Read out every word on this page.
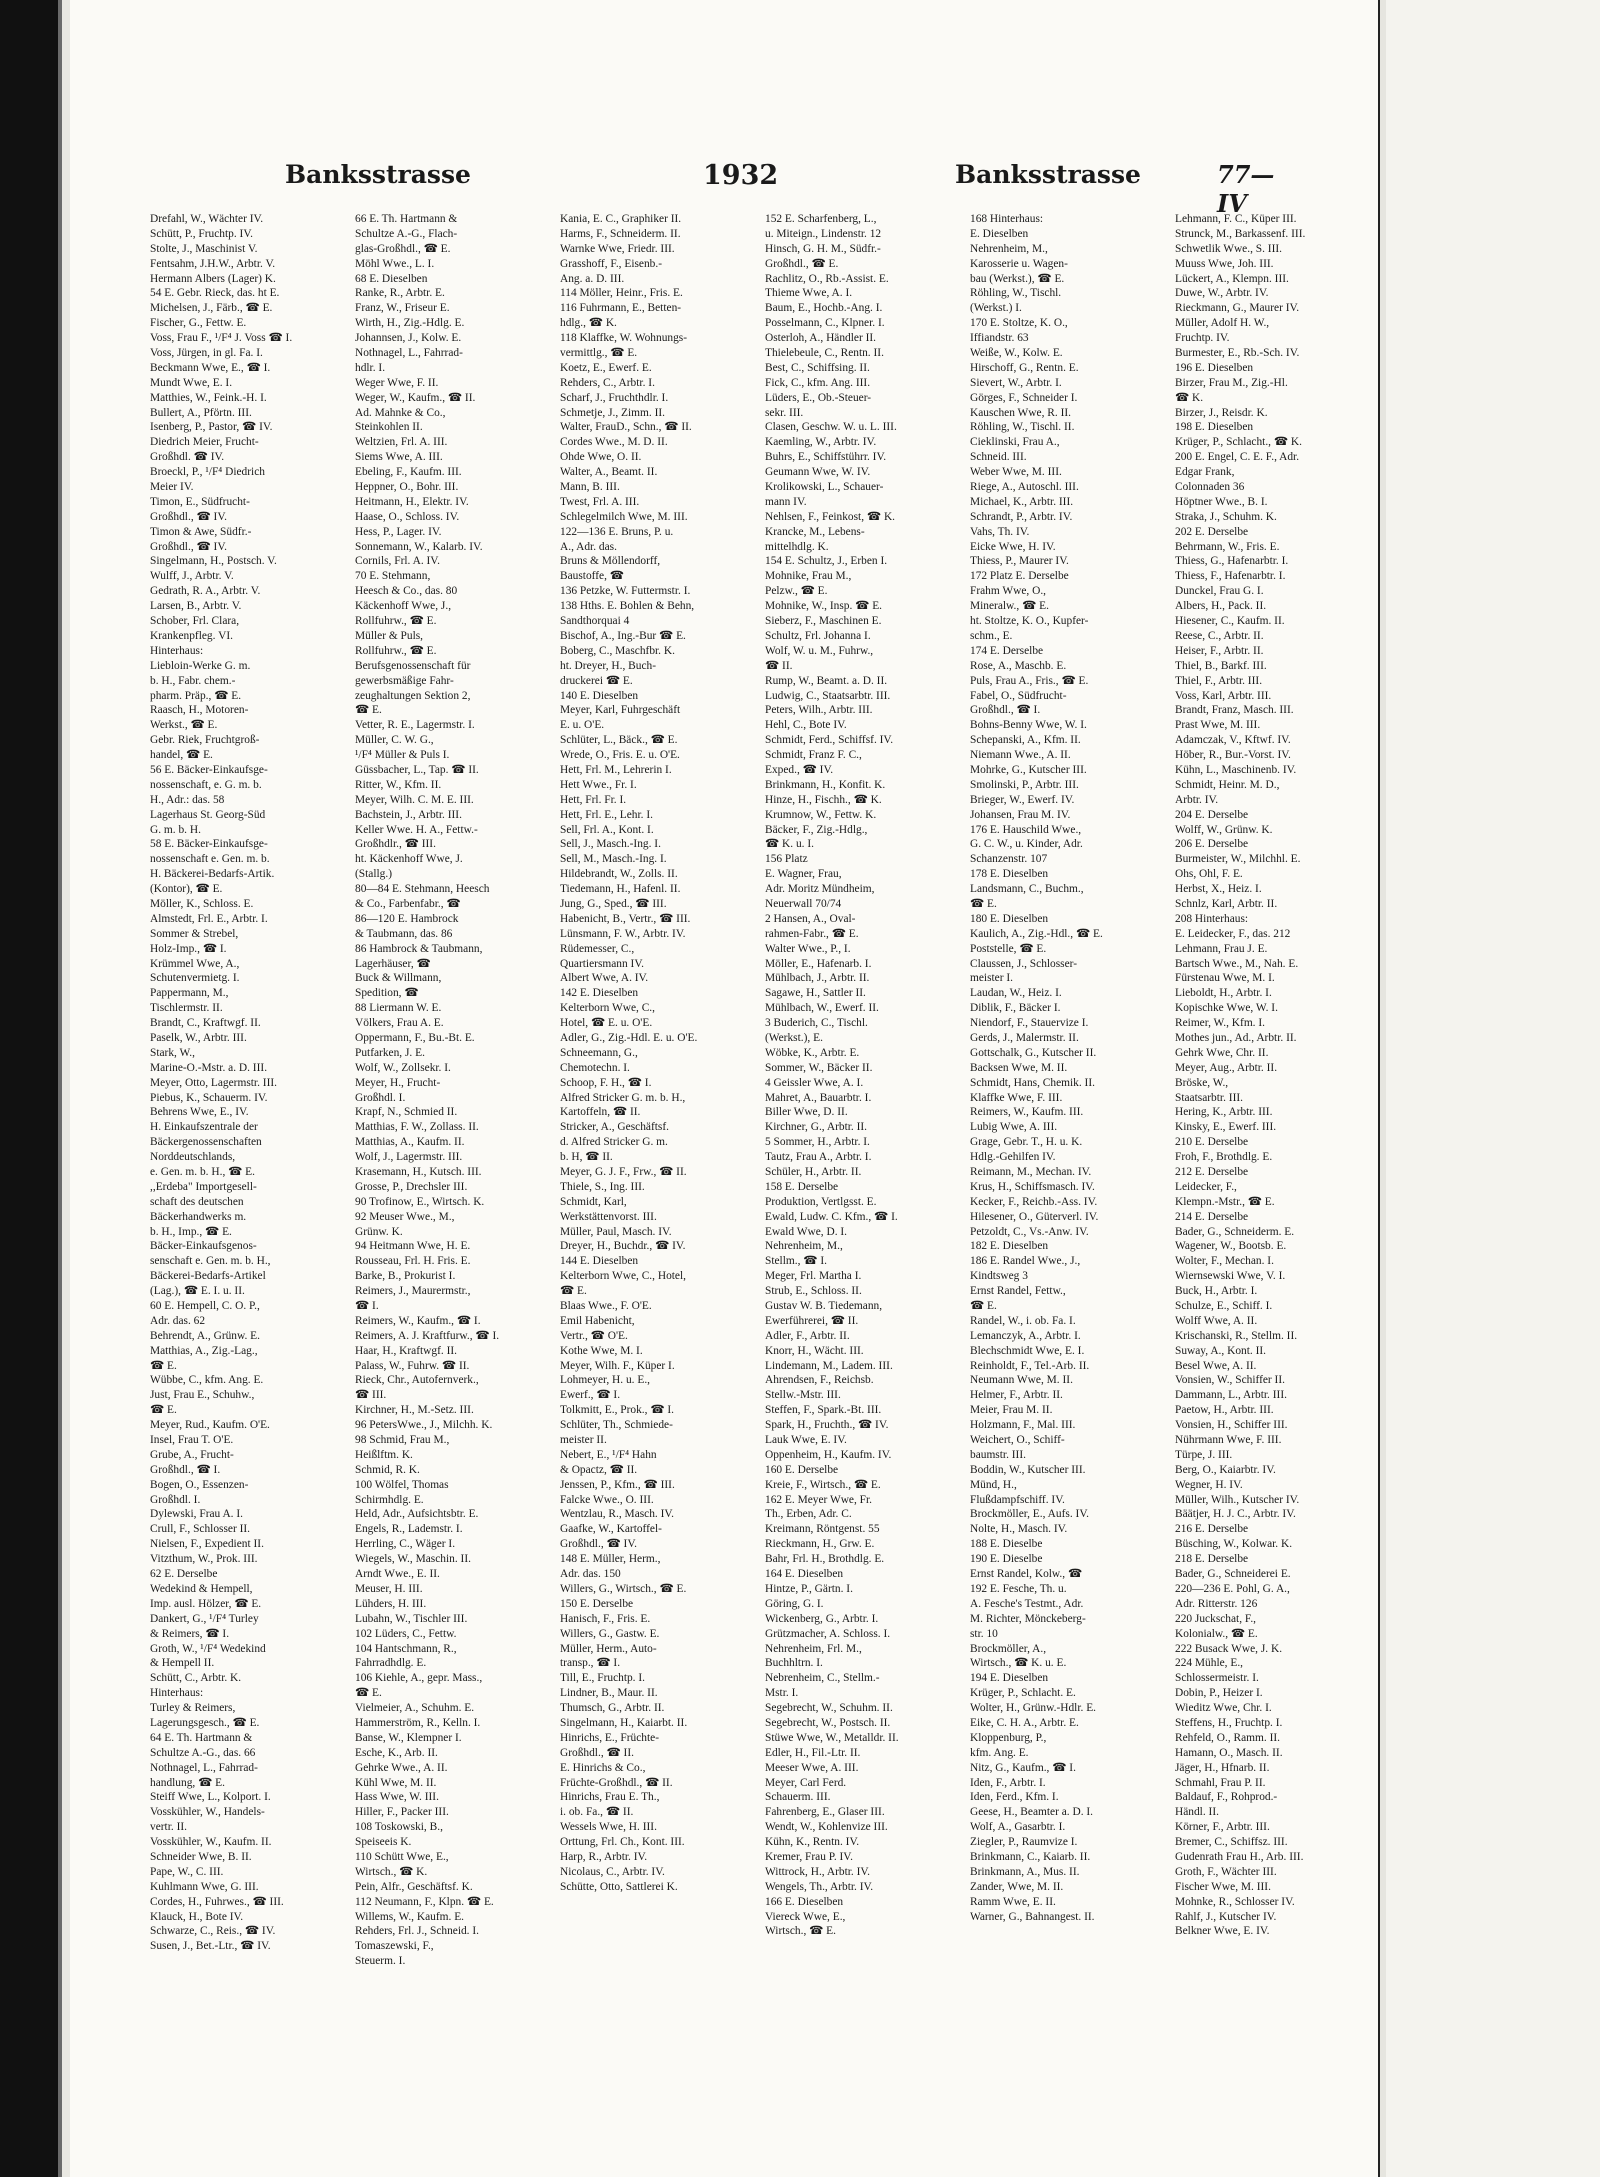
Banksstrasse	1932	Banksstrasse	77—IV
Drefahl, W., Wächter IV.
Schütt, P., Fruchtp. IV.
Stolte, J., Maschinist V.
Fentsahm, J.H.W., Arbtr. V.
Hermann Albers (Lager) K.
54 E. Gebr. Rieck, das. ht E.
Michelsen, J., Färb., ☎ E.
Fischer, G., Fettw. E.
Voss, Frau F., ¹/F⁴ J. Voss ☎ I.
Voss, Jürgen, in gl. Fa. I.
Beckmann Wwe, E., ☎ I.
Mundt Wwe, E. I.
Matthies, W., Feink.-H. I.
Bullert, A., Pförtn. III.
Isenberg, P., Pastor, ☎ IV.
Diedrich Meier, Frucht-
Großhdl. ☎ IV.
Broeckl, P., ¹/F⁴ Diedrich
Meier IV.
Timon, E., Südfrucht-
Großhdl., ☎ IV.
Timon & Awe, Südfr.-
Großhdl., ☎ IV.
Singelmann, H., Postsch. V.
Wulff, J., Arbtr. V.
Gedrath, R. A., Arbtr. V.
Larsen, B., Arbtr. V.
Schober, Frl. Clara,
Krankenpfleg. VI.
Hinterhaus:
Liebloin-Werke G. m.
b. H., Fabr. chem.-
pharm. Präp., ☎ E.
Raasch, H., Motoren-
Werkst., ☎ E.
Gebr. Riek, Fruchtgroß-
handel, ☎ E.
56 E. Bäcker-Einkaufsge-
nossenschaft, e. G. m. b.
H., Adr.: das. 58
Lagerhaus St. Georg-Süd
G. m. b. H.
58 E. Bäcker-Einkaufsge-
nossenschaft e. Gen. m. b.
H. Bäckerei-Bedarfs-Artik.
(Kontor), ☎ E.
Möller, K., Schloss. E.
Almstedt, Frl. E., Arbtr. I.
Sommer & Strebel,
Holz-Imp., ☎ I.
Krümmel Wwe, A.,
Schutenvermietg. I.
Pappermann, M.,
Tischlermstr. II.
Brandt, C., Kraftwgf. II.
Paselk, W., Arbtr. III.
Stark, W.,
Marine-O.-Mstr. a. D. III.
Meyer, Otto, Lagermstr. III.
Piebus, K., Schauerm. IV.
Behrens Wwe, E., IV.
H. Einkaufszentrale der
Bäckergenossenschaften
Norddeutschlands,
e. Gen. m. b. H., ☎ E.
,,Erdeba" Importgesell-
schaft des deutschen
Bäckerhandwerks m.
b. H., Imp., ☎ E.
Bäcker-Einkaufsgenos-
senschaft e. Gen. m. b. H.,
Bäckerei-Bedarfs-Artikel
(Lag.), ☎ E. I. u. II.
60 E. Hempell, C. O. P.,
Adr. das. 62
Behrendt, A., Grünw. E.
Matthias, A., Zig.-Lag.,
☎ E.
Wübbe, C., kfm. Ang. E.
Just, Frau E., Schuhw.,
☎ E.
Meyer, Rud., Kaufm. O'E.
Insel, Frau T. O'E.
Grube, A., Frucht-
Großhdl., ☎ I.
Bogen, O., Essenzen-
Großhdl. I.
Dylewski, Frau A. I.
Crull, F., Schlosser II.
Nielsen, F., Expedient II.
Vitzthum, W., Prok. III.
62 E. Derselbe
Wedekind & Hempell,
Imp. ausl. Hölzer, ☎ E.
Dankert, G., ¹/F⁴ Turley
& Reimers, ☎ I.
Groth, W., ¹/F⁴ Wedekind
& Hempell II.
Schütt, C., Arbtr. K.
Hinterhaus:
Turley & Reimers,
Lagerungsgesch., ☎ E.
64 E. Th. Hartmann &
Schultze A.-G., das. 66
Nothnagel, L., Fahrrad-
handlung, ☎ E.
Steiff Wwe, L., Kolport. I.
Vosskühler, W., Handels-
vertr. II.
Vosskühler, W., Kaufm. II.
Schneider Wwe, B. II.
Pape, W., C. III.
Kuhlmann Wwe, G. III.
Cordes, H., Fuhrwes., ☎ III.
Klauck, H., Bote IV.
Schwarze, C., Reis., ☎ IV.
Susen, J., Bet.-Ltr., ☎ IV.
66 E. Th. Hartmann &
Schultze A.-G., Flach-
glas-Großhdl., ☎ E.
Möhl Wwe., L. I.
68 E. Dieselben
Ranke, R., Arbtr. E.
Franz, W., Friseur E.
Wirth, H., Zig.-Hdlg. E.
Johannsen, J., Kolw. E.
Nothnagel, L., Fahrrad-
hdlr. I.
Weger Wwe, F. II.
Weger, W., Kaufm., ☎ II.
Ad. Mahnke & Co.,
Steinkohlen II.
Weltzien, Frl. A. III.
Siems Wwe, A. III.
Ebeling, F., Kaufm. III.
Heppner, O., Bohr. III.
Heitmann, H., Elektr. IV.
Haase, O., Schloss. IV.
Hess, P., Lager. IV.
Sonnemann, W., Kalarb. IV.
Cornils, Frl. A. IV.
70 E. Stehmann,
Heesch & Co., das. 80
Käckenhoff Wwe, J.,
Rollfuhrw., ☎ E.
Müller & Puls,
Rollfuhrw., ☎ E.
Berufsgenossenschaft für
gewerbsmäßige Fahr-
zeughaltungen Sektion 2,
☎ E.
Vetter, R. E., Lagermstr. I.
Müller, C. W. G.,
¹/F⁴ Müller & Puls I.
Güssbacher, L., Tap. ☎ II.
Ritter, W., Kfm. II.
Meyer, Wilh. C. M. E. III.
Bachstein, J., Arbtr. III.
Keller Wwe. H. A., Fettw.-
Großhdlr., ☎ III.
ht. Käckenhoff Wwe, J.
(Stallg.)
80—84 E. Stehmann, Heesch
& Co., Farbenfabr., ☎
86—120 E. Hambrock
& Taubmann, das. 86
86 Hambrock & Taubmann,
Lagerhäuser, ☎
Buck & Willmann,
Spedition, ☎
88 Liermann W. E.
Völkers, Frau A. E.
Oppermann, F., Bu.-Bt. E.
Putfarken, J. E.
Wolf, W., Zollsekr. I.
Meyer, H., Frucht-
Großhdl. I.
Krapf, N., Schmied II.
Matthias, F. W., Zollass. II.
Matthias, A., Kaufm. II.
Wolf, J., Lagermstr. III.
Krasemann, H., Kutsch. III.
Grosse, P., Drechsler III.
90 Trofinow, E., Wirtsch. K.
92 Meuser Wwe., M.,
Grünw. K.
94 Heitmann Wwe, H. E.
Rousseau, Frl. H. Fris. E.
Barke, B., Prokurist I.
Reimers, J., Maurermstr.,
☎ I.
Reimers, W., Kaufm., ☎ I.
Reimers, A. J. Kraftfurw., ☎ I.
Haar, H., Kraftwgf. II.
Palass, W., Fuhrw. ☎ II.
Rieck, Chr., Autofernverk.,
☎ III.
Kirchner, H., M.-Setz. III.
96 PetersWwe., J., Milchh. K.
98 Schmid, Frau M.,
Heißlftm. K.
Schmid, R. K.
100 Wölfel, Thomas
Schirmhdlg. E.
Held, Adr., Aufsichtsbtr. E.
Engels, R., Lademstr. I.
Herrling, C., Wäger I.
Wiegels, W., Maschin. II.
Arndt Wwe., E. II.
Meuser, H. III.
Lühders, H. III.
Lubahn, W., Tischler III.
102 Lüders, C., Fettw.
104 Hantschmann, R.,
Fahrradhdlg. E.
106 Kiehle, A., gepr. Mass.,
☎ E.
Vielmeier, A., Schuhm. E.
Hammerström, R., Kelln. I.
Banse, W., Klempner I.
Esche, K., Arb. II.
Gehrke Wwe., A. II.
Kühl Wwe, M. II.
Hass Wwe, W. III.
Hiller, F., Packer III.
108 Toskowski, B.,
Speiseeis K.
110 Schütt Wwe, E.,
Wirtsch., ☎ K.
Pein, Alfr., Geschäftsf. K.
112 Neumann, F., Klpn. ☎ E.
Willems, W., Kaufm. E.
Rehders, Frl. J., Schneid. I.
Tomaszewski, F.,
Steuerm. I.
Kania, E. C., Graphiker II.
Harms, F., Schneiderm. II.
Warnke Wwe, Friedr. III.
Grasshoff, F., Eisenb.-
Ang. a. D. III.
114 Möller, Heinr., Fris. E.
116 Fuhrmann, E., Betten-
hdlg., ☎ K.
118 Klaffke, W. Wohnungs-
vermittlg., ☎ E.
Koetz, E., Ewerf. E.
Rehders, C., Arbtr. I.
Scharf, J., Fruchthdlr. I.
Schmetje, J., Zimm. II.
Walter, FrauD., Schn., ☎ II.
Cordes Wwe., M. D. II.
Ohde Wwe, O. II.
Walter, A., Beamt. II.
Mann, B. III.
Twest, Frl. A. III.
Schlegelmilch Wwe, M. III.
122—136 E. Bruns, P. u.
A., Adr. das.
Bruns & Möllendorff,
Baustoffe, ☎
136 Petzke, W. Futtermstr. I.
138 Hths. E. Bohlen & Behn,
Sandthorquai 4
Bischof, A., Ing.-Bur ☎ E.
Boberg, C., Maschfbr. K.
ht. Dreyer, H., Buch-
druckerei ☎ E.
140 E. Dieselben
Meyer, Karl, Fuhrgeschäft
E. u. O'E.
Schlüter, L., Bäck., ☎ E.
Wrede, O., Fris. E. u. O'E.
Hett, Frl. M., Lehrerin I.
Hett Wwe., Fr. I.
Hett, Frl. Fr. I.
Hett, Frl. E., Lehr. I.
Sell, Frl. A., Kont. I.
Sell, J., Masch.-Ing. I.
Sell, M., Masch.-Ing. I.
Hildebrandt, W., Zolls. II.
Tiedemann, H., Hafenl. II.
Jung, G., Sped., ☎ III.
Habenicht, B., Vertr., ☎ III.
Lünsmann, F. W., Arbtr. IV.
Rüdemesser, C.,
Quartiersmann IV.
Albert Wwe, A. IV.
142 E. Dieselben
Kelterborn Wwe, C.,
Hotel, ☎ E. u. O'E.
Adler, G., Zig.-Hdl. E. u. O'E.
Schneemann, G.,
Chemotechn. I.
Schoop, F. H., ☎ I.
Alfred Stricker G. m. b. H.,
Kartoffeln, ☎ II.
Stricker, A., Geschäftsf.
d. Alfred Stricker G. m.
b. H, ☎ II.
Meyer, G. J. F., Frw., ☎ II.
Thiele, S., Ing. III.
Schmidt, Karl,
Werkstättenvorst. III.
Müller, Paul, Masch. IV.
Dreyer, H., Buchdr., ☎ IV.
144 E. Dieselben
Kelterborn Wwe, C., Hotel,
☎ E.
Blaas Wwe., F. O'E.
Emil Habenicht,
Vertr., ☎ O'E.
Kothe Wwe, M. I.
Meyer, Wilh. F., Küper I.
Lohmeyer, H. u. E.,
Ewerf., ☎ I.
Tolkmitt, E., Prok., ☎ I.
Schlüter, Th., Schmiede-
meister II.
Nebert, E., ¹/F⁴ Hahn
& Opactz, ☎ II.
Jenssen, P., Kfm., ☎ III.
Falcke Wwe., O. III.
Wentzlau, R., Masch. IV.
Gaafke, W., Kartoffel-
Großhdl., ☎ IV.
148 E. Müller, Herm.,
Adr. das. 150
Willers, G., Wirtsch., ☎ E.
150 E. Derselbe
Hanisch, F., Fris. E.
Willers, G., Gastw. E.
Müller, Herm., Auto-
transp., ☎ I.
Till, E., Fruchtp. I.
Lindner, B., Maur. II.
Thumsch, G., Arbtr. II.
Singelmann, H., Kaiarbt. II.
Hinrichs, E., Früchte-
Großhdl., ☎ II.
E. Hinrichs & Co.,
Früchte-Großhdl., ☎ II.
Hinrichs, Frau E. Th.,
i. ob. Fa., ☎ II.
Wessels Wwe, H. III.
Orttung, Frl. Ch., Kont. III.
Harp, R., Arbtr. IV.
Nicolaus, C., Arbtr. IV.
Schütte, Otto, Sattlerei K.
152 E. Scharfenberg, L.,
u. Miteign., Lindenstr. 12
Hinsch, G. H. M., Südfr.-
Großhdl., ☎ E.
Rachlitz, O., Rb.-Assist. E.
Thieme Wwe, A. I.
Baum, E., Hochb.-Ang. I.
Posselmann, C., Klpner. I.
Osterloh, A., Händler II.
Thielebeule, C., Rentn. II.
Best, C., Schiffsing. II.
Fick, C., kfm. Ang. III.
Lüders, E., Ob.-Steuer-
sekr. III.
Clasen, Geschw. W. u. L. III.
Kaemling, W., Arbtr. IV.
Buhrs, E., Schiffstührr. IV.
Geumann Wwe, W. IV.
Krolikowski, L., Schauer-
mann IV.
Nehlsen, F., Feinkost, ☎ K.
Krancke, M., Lebens-
mittelhdlg. K.
154 E. Schultz, J., Erben I.
Mohnike, Frau M.,
Pelzw., ☎ E.
Mohnike, W., Insp. ☎ E.
Sieberz, F., Maschinen E.
Schultz, Frl. Johanna I.
Wolf, W. u. M., Fuhrw.,
☎ II.
Rump, W., Beamt. a. D. II.
Ludwig, C., Staatsarbtr. III.
Peters, Wilh., Arbtr. III.
Hehl, C., Bote IV.
Schmidt, Ferd., Schiffsf. IV.
Schmidt, Franz F. C.,
Exped., ☎ IV.
Brinkmann, H., Konfit. K.
Hinze, H., Fischh., ☎ K.
Krumnow, W., Fettw. K.
Bäcker, F., Zig.-Hdlg.,
☎ K. u. I.
156 Platz
E. Wagner, Frau,
Adr. Moritz Mündheim,
Neuerwall 70/74
2 Hansen, A., Oval-
rahmen-Fabr., ☎ E.
Walter Wwe., P., I.
Möller, E., Hafenarb. I.
Mühlbach, J., Arbtr. II.
Sagawe, H., Sattler II.
Mühlbach, W., Ewerf. II.
3 Buderich, C., Tischl.
(Werkst.), E.
Wöbke, K., Arbtr. E.
Sommer, W., Bäcker II.
4 Geissler Wwe, A. I.
Mahret, A., Bauarbtr. I.
Biller Wwe, D. II.
Kirchner, G., Arbtr. II.
5 Sommer, H., Arbtr. I.
Tautz, Frau A., Arbtr. I.
Schüler, H., Arbtr. II.
158 E. Derselbe
Produktion, Vertlgsst. E.
Ewald, Ludw. C. Kfm., ☎ I.
Ewald Wwe, D. I.
Nehrenheim, M.,
Stellm., ☎ I.
Meger, Frl. Martha I.
Strub, E., Schloss. II.
Gustav W. B. Tiedemann,
Ewerführerei, ☎ II.
Adler, F., Arbtr. II.
Knorr, H., Wächt. III.
Lindemann, M., Ladem. III.
Ahrendsen, F., Reichsb.
Stellw.-Mstr. III.
Steffen, F., Spark.-Bt. III.
Spark, H., Fruchth., ☎ IV.
Lauk Wwe, E. IV.
Oppenheim, H., Kaufm. IV.
160 E. Derselbe
Kreie, F., Wirtsch., ☎ E.
162 E. Meyer Wwe, Fr.
Th., Erben, Adr. C.
Kreimann, Röntgenst. 55
Rieckmann, H., Grw. E.
Bahr, Frl. H., Brothdlg. E.
164 E. Dieselben
Hintze, P., Gärtn. I.
Göring, G. I.
Wickenberg, G., Arbtr. I.
Grützmacher, A. Schloss. I.
Nehrenheim, Frl. M.,
Buchhltrn. I.
Nebrenheim, C., Stellm.-
Mstr. I.
Segebrecht, W., Schuhm. II.
Segebrecht, W., Postsch. II.
Stüwe Wwe, W., Metalldr. II.
Edler, H., Fil.-Ltr. II.
Meeser Wwe, A. III.
Meyer, Carl Ferd.
Schauerm. III.
Fahrenberg, E., Glaser III.
Wendt, W., Kohlenvize III.
Kühn, K., Rentn. IV.
Kremer, Frau P. IV.
Wittrock, H., Arbtr. IV.
Wengels, Th., Arbtr. IV.
166 E. Dieselben
Viereck Wwe, E.,
Wirtsch., ☎ E.
168 Hinterhaus:
E. Dieselben
Nehrenheim, M.,
Karosserie u. Wagen-
bau (Werkst.), ☎ E.
Röhling, W., Tischl.
(Werkst.) I.
170 E. Stoltze, K. O.,
Iffiandstr. 63
Weiße, W., Kolw. E.
Hirschoff, G., Rentn. E.
Sievert, W., Arbtr. I.
Görges, F., Schneider I.
Kauschen Wwe, R. II.
Röhling, W., Tischl. II.
Cieklinski, Frau A.,
Schneid. III.
Weber Wwe, M. III.
Riege, A., Autoschl. III.
Michael, K., Arbtr. III.
Schrandt, P., Arbtr. IV.
Vahs, Th. IV.
Eicke Wwe, H. IV.
Thiess, P., Maurer IV.
172 Platz E. Derselbe
Frahm Wwe, O.,
Mineralw., ☎ E.
ht. Stoltze, K. O., Kupfer-
schm., E.
174 E. Derselbe
Rose, A., Maschb. E.
Puls, Frau A., Fris., ☎ E.
Fabel, O., Südfrucht-
Großhdl., ☎ I.
Bohns-Benny Wwe, W. I.
Schepanski, A., Kfm. II.
Niemann Wwe., A. II.
Mohrke, G., Kutscher III.
Smolinski, P., Arbtr. III.
Brieger, W., Ewerf. IV.
Johansen, Frau M. IV.
176 E. Hauschild Wwe.,
G. C. W., u. Kinder, Adr.
Schanzenstr. 107
178 E. Dieselben
Landsmann, C., Buchm.,
☎ E.
180 E. Dieselben
Kaulich, A., Zig.-Hdl., ☎ E.
Poststelle, ☎ E.
Claussen, J., Schlosser-
meister I.
Laudan, W., Heiz. I.
Diblik, F., Bäcker I.
Niendorf, F., Stauervize I.
Gerds, J., Malermstr. II.
Gottschalk, G., Kutscher II.
Backsen Wwe, M. II.
Schmidt, Hans, Chemik. II.
Klaffke Wwe, F. III.
Reimers, W., Kaufm. III.
Lubig Wwe, A. III.
Grage, Gebr. T., H. u. K.
Hdlg.-Gehilfen IV.
Reimann, M., Mechan. IV.
Krus, H., Schiffsmasch. IV.
Kecker, F., Reichb.-Ass. IV.
Hilesener, O., Güterverl. IV.
Petzoldt, C., Vs.-Anw. IV.
182 E. Dieselben
186 E. Randel Wwe., J.,
Kindtsweg 3
Ernst Randel, Fettw.,
☎ E.
Randel, W., i. ob. Fa. I.
Lemanczyk, A., Arbtr. I.
Blechschmidt Wwe, E. I.
Reinholdt, F., Tel.-Arb. II.
Neumann Wwe, M. II.
Helmer, F., Arbtr. II.
Meier, Frau M. II.
Holzmann, F., Mal. III.
Weichert, O., Schiff-
baumstr. III.
Boddin, W., Kutscher III.
Münd, H.,
Flußdampfschiff. IV.
Brockmöller, E., Aufs. IV.
Nolte, H., Masch. IV.
188 E. Dieselbe
190 E. Dieselbe
Ernst Randel, Kolw., ☎
192 E. Fesche, Th. u.
A. Fesche's Testmt., Adr.
M. Richter, Mönckeberg-
str. 10
Brockmöller, A.,
Wirtsch., ☎ K. u. E.
194 E. Dieselben
Krüger, P., Schlacht. E.
Wolter, H., Grünw.-Hdlr. E.
Eike, C. H. A., Arbtr. E.
Kloppenburg, P.,
kfm. Ang. E.
Nitz, G., Kaufm., ☎ I.
Iden, F., Arbtr. I.
Iden, Ferd., Kfm. I.
Geese, H., Beamter a. D. I.
Wolf, A., Gasarbtr. I.
Ziegler, P., Raumvize I.
Brinkmann, C., Kaiarb. II.
Brinkmann, A., Mus. II.
Zander, Wwe, M. II.
Ramm Wwe, E. II.
Warner, G., Bahnangest. II.
Lehmann, F. C., Küper III.
Strunck, M., Barkassenf. III.
Schwetlik Wwe., S. III.
Muuss Wwe, Joh. III.
Lückert, A., Klempn. III.
Duwe, W., Arbtr. IV.
Rieckmann, G., Maurer IV.
Müller, Adolf H. W.,
Fruchtp. IV.
Burmester, E., Rb.-Sch. IV.
196 E. Dieselben
Birzer, Frau M., Zig.-Hl.
☎ K.
Birzer, J., Reisdr. K.
198 E. Dieselben
Krüger, P., Schlacht., ☎ K.
200 E. Engel, C. E. F., Adr.
Edgar Frank,
Colonnaden 36
Höptner Wwe., B. I.
Straka, J., Schuhm. K.
202 E. Derselbe
Behrmann, W., Fris. E.
Thiess, G., Hafenarbtr. I.
Thiess, F., Hafenarbtr. I.
Dunckel, Frau G. I.
Albers, H., Pack. II.
Hiesener, C., Kaufm. II.
Reese, C., Arbtr. II.
Heiser, F., Arbtr. II.
Thiel, B., Barkf. III.
Thiel, F., Arbtr. III.
Voss, Karl, Arbtr. III.
Brandt, Franz, Masch. III.
Prast Wwe, M. III.
Adamczak, V., Kftwf. IV.
Höber, R., Bur.-Vorst. IV.
Kühn, L., Maschinenb. IV.
Schmidt, Heinr. M. D.,
Arbtr. IV.
204 E. Derselbe
Wolff, W., Grünw. K.
206 E. Derselbe
Burmeister, W., Milchhl. E.
Ohs, Ohl, F. E.
Herbst, X., Heiz. I.
Schnlz, Karl, Arbtr. II.
208 Hinterhaus:
E. Leidecker, F., das. 212
Lehmann, Frau J. E.
Bartsch Wwe., M., Nah. E.
Fürstenau Wwe, M. I.
Lieboldt, H., Arbtr. I.
Kopischke Wwe, W. I.
Reimer, W., Kfm. I.
Mothes jun., Ad., Arbtr. II.
Gehrk Wwe, Chr. II.
Meyer, Aug., Arbtr. II.
Bröske, W.,
Staatsarbtr. III.
Hering, K., Arbtr. III.
Kinsky, E., Ewerf. III.
210 E. Derselbe
Froh, F., Brothdlg. E.
212 E. Derselbe
Leidecker, F.,
Klempn.-Mstr., ☎ E.
214 E. Derselbe
Bader, G., Schneiderm. E.
Wagener, W., Bootsb. E.
Wolter, F., Mechan. I.
Wiernsewski Wwe, V. I.
Buck, H., Arbtr. I.
Schulze, E., Schiff. I.
Wolff Wwe, A. II.
Krischanski, R., Stellm. II.
Suway, A., Kont. II.
Besel Wwe, A. II.
Vonsien, W., Schiffer II.
Dammann, L., Arbtr. III.
Paetow, H., Arbtr. III.
Vonsien, H., Schiffer III.
Nührmann Wwe, F. III.
Türpe, J. III.
Berg, O., Kaiarbtr. IV.
Wegner, H. IV.
Müller, Wilh., Kutscher IV.
Bäätjer, H. J. C., Arbtr. IV.
216 E. Derselbe
Büsching, W., Kolwar. K.
218 E. Derselbe
Bader, G., Schneiderei E.
220—236 E. Pohl, G. A.,
Adr. Ritterstr. 126
220 Juckschat, F.,
Kolonialw., ☎ E.
222 Busack Wwe, J. K.
224 Mühle, E.,
Schlossermeistr. I.
Dobin, P., Heizer I.
Wieditz Wwe, Chr. I.
Steffens, H., Fruchtp. I.
Rehfeld, O., Ramm. II.
Hamann, O., Masch. II.
Jäger, H., Hfnarb. II.
Schmahl, Frau P. II.
Baldauf, F., Rohprod.-
Händl. II.
Körner, F., Arbtr. III.
Bremer, C., Schiffsz. III.
Gudenrath Frau H., Arb. III.
Groth, F., Wächter III.
Fischer Wwe, M. III.
Mohnke, R., Schlosser IV.
Rahlf, J., Kutscher IV.
Belkner Wwe, E. IV.
